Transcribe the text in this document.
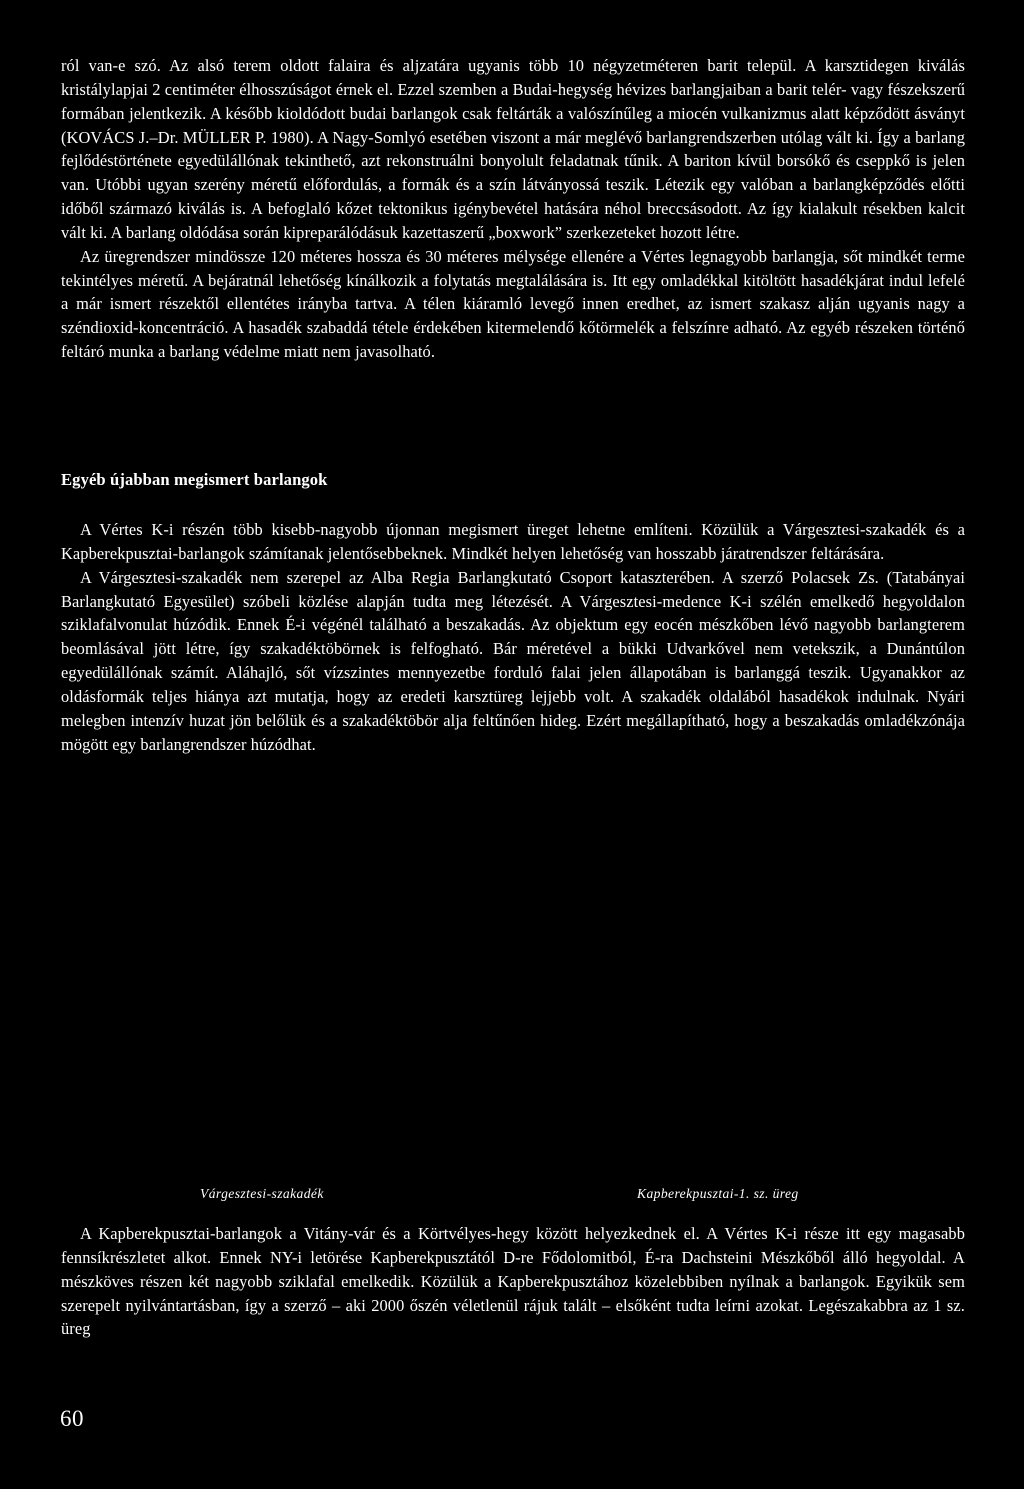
ról van-e szó. Az alsó terem oldott falaira és aljzatára ugyanis több 10 négyzetméteren barit települ. A karsztidegen kiválás kristálylapjai 2 centiméter élhosszúságot érnek el. Ezzel szemben a Budai-hegység hévizes barlangjaiban a barit telér- vagy fészekszerű formában jelentkezik. A később kioldódott budai barlangok csak feltárták a valószínűleg a miocén vulkanizmus alatt képződött ásványt (KOVÁCS J.–Dr. MÜLLER P. 1980). A Nagy-Somlyó esetében viszont a már meglévő barlangrendszerben utólag vált ki. Így a barlang fejlődéstörténete egyedülállónak tekinthető, azt rekonstruálni bonyolult feladatnak tűnik. A bariton kívül borsókő és cseppkő is jelen van. Utóbbi ugyan szerény méretű előfordulás, a formák és a szín látványossá teszik. Létezik egy valóban a barlangképződés előtti időből származó kiválás is. A befoglaló kőzet tektonikus igénybevétel hatására néhol breccsásodott. Az így kialakult résekben kalcit vált ki. A barlang oldódása során kipreparálódásuk kazettaszerű „boxwork” szerkezeteket hozott létre.

Az üregrendszer mindössze 120 méteres hossza és 30 méteres mélysége ellenére a Vértes legnagyobb barlangja, sőt mindkét terme tekintélyes méretű. A bejáratnál lehetőség kínálkozik a folytatás megtalálására is. Itt egy omladékkal kitöltött hasadékjárat indul lefelé a már ismert részektől ellentétes irányba tartva. A télen kiáramló levegő innen eredhet, az ismert szakasz alján ugyanis nagy a széndioxid-koncentráció. A hasadék szabaddá tétele érdekében kitermelendő kőtörmelék a felszínre adható. Az egyéb részeken történő feltáró munka a barlang védelme miatt nem javasolható.

Egyéb újabban megismert barlangok

A Vértes K-i részén több kisebb-nagyobb újonnan megismert üreget lehetne említeni. Közülük a Várgesztesi-szakadék és a Kapberekpusztai-barlangok számítanak jelentősebbeknek. Mindkét helyen lehetőség van hosszabb járatrendszer feltárására.

A Várgesztesi-szakadék nem szerepel az Alba Regia Barlangkutató Csoport kataszterében. A szerző Polacsek Zs. (Tatabányai Barlangkutató Egyesület) szóbeli közlése alapján tudta meg létezését. A Várgesztesi-medence K-i szélén emelkedő hegyoldalon sziklafalvonulat húzódik. Ennek É-i végénél található a beszakadás. Az objektum egy eocén mészkőben lévő nagyobb barlangterem beomlásával jött létre, így szakadéktöbörnek is felfogható. Bár méretével a bükki Udvarkővel nem vetekszik, a Dunántúlon egyedülállónak számít. Aláhajló, sőt vízszintes mennyezetbe forduló falai jelen állapotában is barlanggá teszik. Ugyanakkor az oldásformák teljes hiánya azt mutatja, hogy az eredeti karsztüreg lejjebb volt. A szakadék oldalából hasadékok indulnak. Nyári melegben intenzív huzat jön belőlük és a szakadéktöbör alja feltűnően hideg. Ezért megállapítható, hogy a beszakadás omladékzónája mögött egy barlangrendszer húzódhat.

Várgesztesi-szakadék	Kapberekpusztai-1. sz. üreg

A Kapberekpusztai-barlangok a Vitány-vár és a Körtvélyes-hegy között helyezkednek el. A Vértes K-i része itt egy magasabb fennsíkrészletet alkot. Ennek NY-i letörése Kapberekpusztától D-re Fődolomitból, É-ra Dachsteini Mészkőből álló hegyoldal. A mészköves részen két nagyobb sziklafal emelkedik. Közülük a Kapberekpusztához közelebbiben nyílnak a barlangok. Egyikük sem szerepelt nyilvántartásban, így a szerző – aki 2000 őszén véletlenül rájuk talált – elsőként tudta leírni azokat. Legészakabbra az 1 sz. üreg

60
